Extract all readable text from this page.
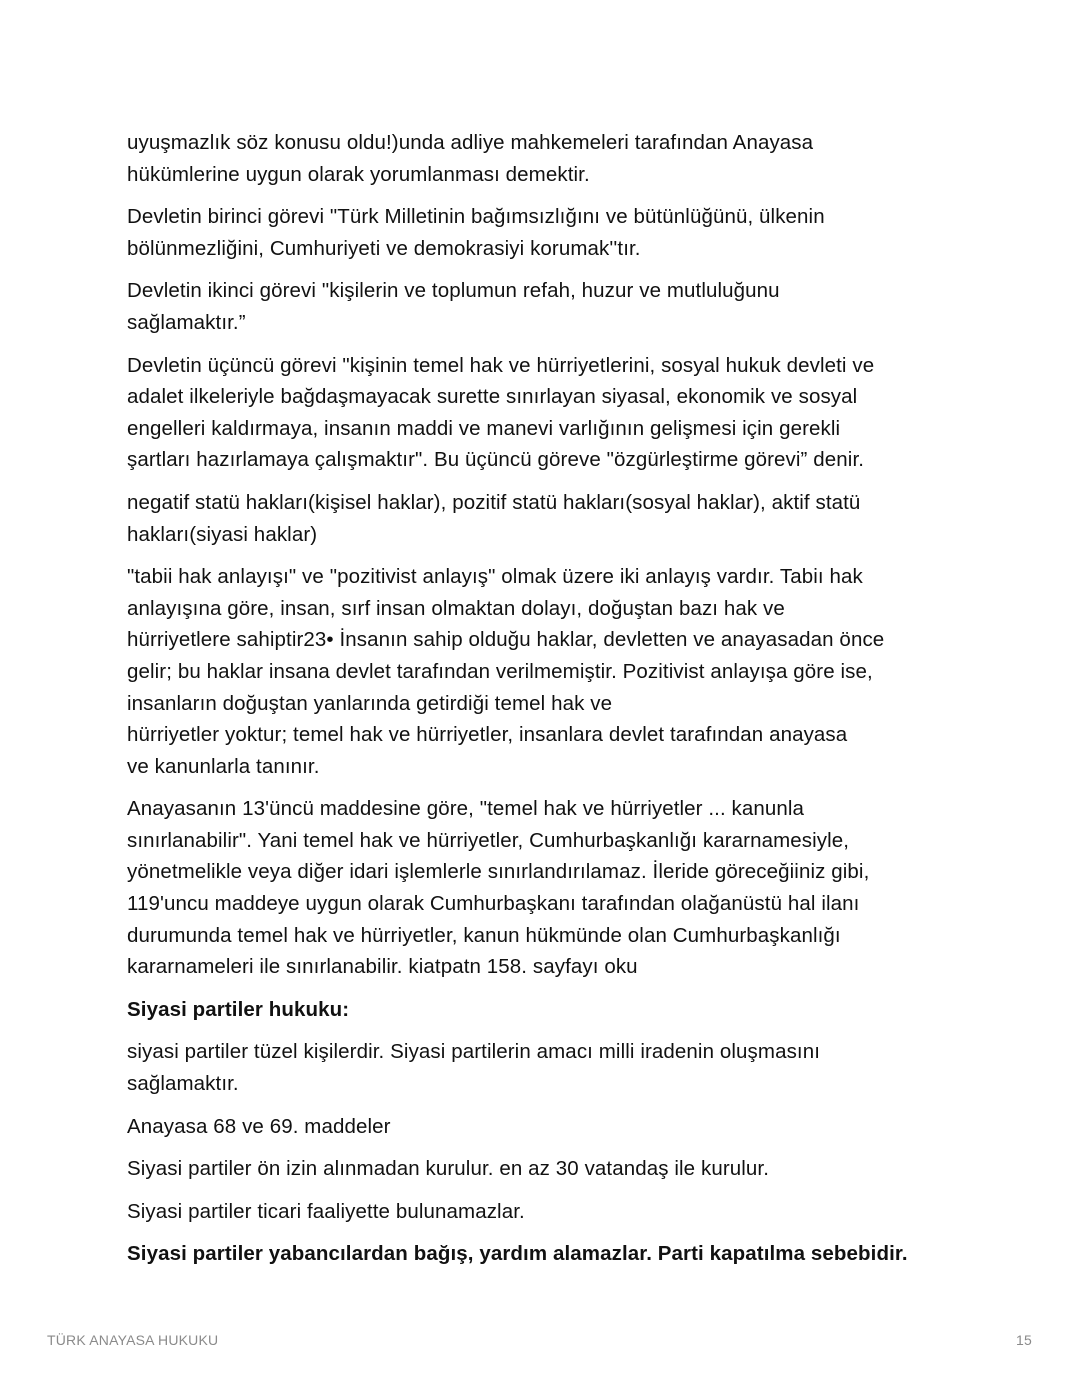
uyuşmazlık söz konusu oldu!)unda adliye mahkemeleri tarafından Anayasa
hükümlerine uygun olarak yorumlanması demektir.

Devletin birinci görevi "Türk Milletinin bağımsızlığını ve bütünlüğünü, ülkenin
bölünmezliğini, Cumhuriyeti ve demokrasiyi korumak''tır.

Devletin ikinci görevi "kişilerin ve toplumun refah, huzur ve mutluluğunu
sağlamaktır.”

Devletin üçüncü görevi "kişinin temel hak ve hürriyetlerini, sosyal hukuk devleti ve
adalet ilkeleriyle bağdaşmayacak surette sınırlayan siyasal, ekonomik ve sosyal
engelleri kaldırmaya, insanın maddi ve manevi varlığının gelişmesi için gerekli
şartları hazırlamaya çalışmaktır". Bu üçüncü göreve "özgürleştirme görevi” denir.

negatif statü hakları(kişisel haklar), pozitif statü hakları(sosyal haklar), aktif statü
hakları(siyasi haklar)

"tabii hak anlayışı" ve "pozitivist anlayış" olmak üzere iki anlayış vardır. Tabiı hak
anlayışına göre, insan, sırf insan olmaktan dolayı, doğuştan bazı hak ve
hürriyetlere sahiptir23• İnsanın sahip olduğu haklar, devletten ve anayasadan önce
gelir; bu haklar insana devlet tarafından verilmemiştir. Pozitivist anlayışa göre ise,
insanların doğuştan yanlarında getirdiği temel hak ve
hürriyetler yoktur; temel hak ve hürriyetler, insanlara devlet tarafından anayasa
ve kanunlarla tanınır.

Anayasanın 13'üncü maddesine göre, "temel hak ve hürriyetler ... kanunla
sınırlanabilir". Yani temel hak ve hürriyetler, Cumhurbaşkanlığı kararnamesiyle,
yönetmelikle veya diğer idari işlemlerle sınırlandırılamaz. İleride göreceğiiniz gibi,
119'uncu maddeye uygun olarak Cumhurbaşkanı tarafından olağanüstü hal ilanı
durumunda temel hak ve hürriyetler, kanun hükmünde olan Cumhurbaşkanlığı
kararnameleri ile sınırlanabilir. kiatpatn 158. sayfayı oku

Siyasi partiler hukuku:

siyasi partiler tüzel kişilerdir. Siyasi partilerin amacı milli iradenin oluşmasını
sağlamaktır.

Anayasa 68 ve 69. maddeler

Siyasi partiler ön izin alınmadan kurulur. en az 30 vatandaş ile kurulur.

Siyasi partiler ticari faaliyette bulunamazlar.

Siyasi partiler yabancılardan bağış, yardım alamazlar. Parti kapatılma sebebidir.

TÜRK ANAYASA HUKUKU	15
